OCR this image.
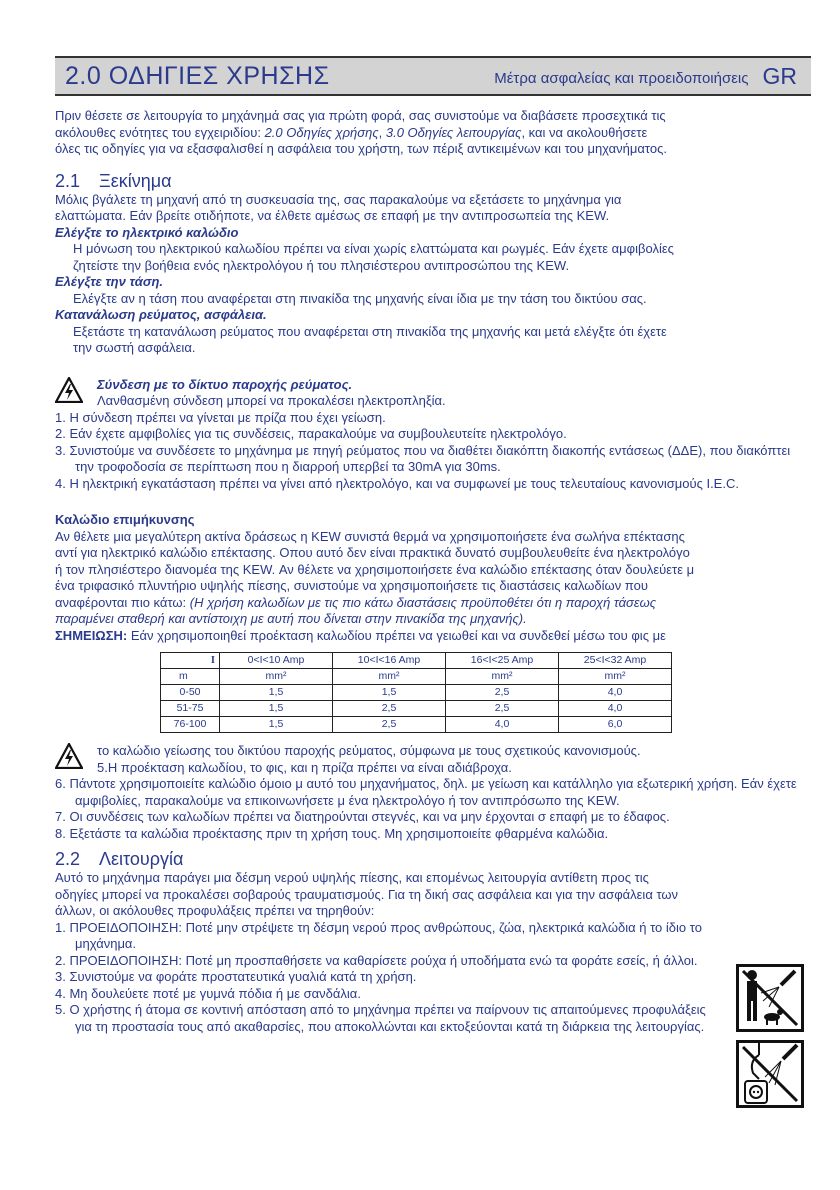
2.0 ΟΔΗΓΙΕΣ ΧΡΗΣΗΣ	Μέτρα ασφαλείας και προειδοποιήσεις GR

Πριν θέσετε σε λειτουργία το μηχάνημά σας για πρώτη φορά, σας συνιστούμε να διαβάσετε προσεχτικά τις

ακόλουθες ενότητες του εγχειριδίου: 2.0 Οδηγίες χρήσης, 3.0 Οδηγίες λειτουργίας, και να ακολουθήσετε

όλες τις οδηγίες για να εξασφαλισθεί η ασφάλεια του χρήστη, των πέριξ αντικειμένων και του μηχανήματος.

2.1 Ξεκίνημα

Μόλις βγάλετε τη μηχανή από τη συσκευασία της, σας παρακαλούμε να εξετάσετε το μηχάνημα για

ελαττώματα. Εάν βρείτε οτιδήποτε, να έλθετε αμέσως σε επαφή με την αντιπροσωπεία της KEW.

Ελέγξτε το ηλεκτρικό καλώδιο

Η μόνωση του ηλεκτρικού καλωδίου πρέπει να είναι χωρίς ελαττώματα και ρωγμές. Εάν έχετε αμφιβολίες

ζητείστε την βοήθεια ενός ηλεκτρολόγου ή του πλησιέστερου αντιπροσώπου της KEW.

Ελέγξτε την τάση.

Ελέγξτε αν η τάση που αναφέρεται στη πινακίδα της μηχανής είναι ίδια με την τάση του δικτύου σας.

Κατανάλωση ρεύματος, ασφάλεια.

Εξετάστε τη κατανάλωση ρεύματος που αναφέρεται στη πινακίδα της μηχανής και μετά ελέγξτε ότι έχετε

την σωστή ασφάλεια.

Σύνδεση με το δίκτυο παροχής ρεύματος.

Λανθασμένη σύνδεση μπορεί να προκαλέσει ηλεκτροπληξία.

1. Η σύνδεση πρέπει να γίνεται με πρίζα που έχει γείωση.
2. Εάν έχετε αμφιβολίες για τις συνδέσεις, παρακαλούμε να συμβουλευτείτε ηλεκτρολόγο.
3. Συνιστούμε να συνδέσετε το μηχάνημα με πηγή ρεύματος που να διαθέτει διακόπτη διακοπής εντάσεως (ΔΔΕ), που διακόπτει την τροφοδοσία σε περίπτωση που η διαρροή υπερβεί τα 30mA για 30ms.
4. Η ηλεκτρική εγκατάσταση πρέπει να γίνει από ηλεκτρολόγο, και να συμφωνεί με τους τελευταίους κανονισμούς I.E.C.

Καλώδιο επιμήκυνσης

Αν θέλετε μια μεγαλύτερη ακτίνα δράσεως η KEW συνιστά θερμά να χρησιμοποιήσετε ένα σωλήνα επέκτασης

αντί για ηλεκτρικό καλώδιο επέκτασης. Οπου αυτό δεν είναι πρακτικά δυνατό συμβουλευθείτε ένα ηλεκτρολόγο

ή τον πλησιέστερο διανομέα της KEW. Αν θέλετε να χρησιμοποιήσετε ένα καλώδιο επέκτασης όταν δουλεύετε μ

ένα τριφασικό πλυντήριο υψηλής πίεσης, συνιστούμε να χρησιμοποιήσετε τις διαστάσεις καλωδίων που

αναφέρονται πιο κάτω: (Η χρήση καλωδίων με τις πιο κάτω διαστάσεις προϋποθέτει ότι η παροχή τάσεως

παραμένει σταθερή και αντίστοιχη με αυτή που δίνεται στην πινακίδα της μηχανής).

ΣΗΜΕΙΩΣΗ: Εάν χρησιμοποιηθεί προέκταση καλωδίου πρέπει να γειωθεί και να συνδεθεί μέσω του φις με

I	0<I<10 Amp	10<I<16 Amp	16<I<25 Amp	25<I<32 Amp
m	mm²	mm²	mm²	mm²
0-50	1,5	1,5	2,5	4,0
51-75	1,5	2,5	2,5	4,0
76-100	1,5	2,5	4,0	6,0

το καλώδιο γείωσης του δικτύου παροχής ρεύματος, σύμφωνα με τους σχετικούς κανονισμούς.

5.Η προέκταση καλωδίου, το φις, και η πρίζα πρέπει να είναι αδιάβροχα.

6. Πάντοτε χρησιμοποιείτε καλώδιο όμοιο μ αυτό του μηχανήματος, δηλ. με γείωση και κατάλληλο για εξωτερική χρήση. Εάν έχετε αμφιβολίες, παρακαλούμε να επικοινωνήσετε μ ένα ηλεκτρολόγο ή τον αντιπρόσωπο της KEW.
7. Οι συνδέσεις των καλωδίων πρέπει να διατηρούνται στεγνές, και να μην έρχονται σ επαφή με το έδαφος.
8. Εξετάστε τα καλώδια προέκτασης πριν τη χρήση τους. Μη χρησιμοποιείτε φθαρμένα καλώδια.
2.2 Λειτουργία

Αυτό το μηχάνημα παράγει μια δέσμη νερού υψηλής πίεσης, και επομένως λειτουργία αντίθετη προς τις

οδηγίες μπορεί να προκαλέσει σοβαρούς τραυματισμούς. Για τη δική σας ασφάλεια και για την ασφάλεια των

άλλων, οι ακόλουθες προφυλάξεις πρέπει να τηρηθούν:

1. ΠΡΟΕΙΔΟΠΟΙΗΣΗ: Ποτέ μην στρέψετε τη δέσμη νερού προς ανθρώπους, ζώα, ηλεκτρικά καλώδια ή το ίδιο το μηχάνημα.
2. ΠΡΟΕΙΔΟΠΟΙΗΣΗ: Ποτέ μη προσπαθήσετε να καθαρίσετε ρούχα ή υποδήματα ενώ τα φοράτε εσείς, ή άλλοι.
3. Συνιστούμε να φοράτε προστατευτικά γυαλιά κατά τη χρήση.
4. Μη δουλεύετε ποτέ με γυμνά πόδια ή με σανδάλια.
5. Ο χρήστης ή άτομα σε κοντινή απόσταση από το μηχάνημα πρέπει να παίρνουν τις απαιτούμενες προφυλάξεις για τη προστασία τους από ακαθαρσίες, που αποκολλώνται και εκτοξεύονται κατά τη διάρκεια της λειτουργίας.
